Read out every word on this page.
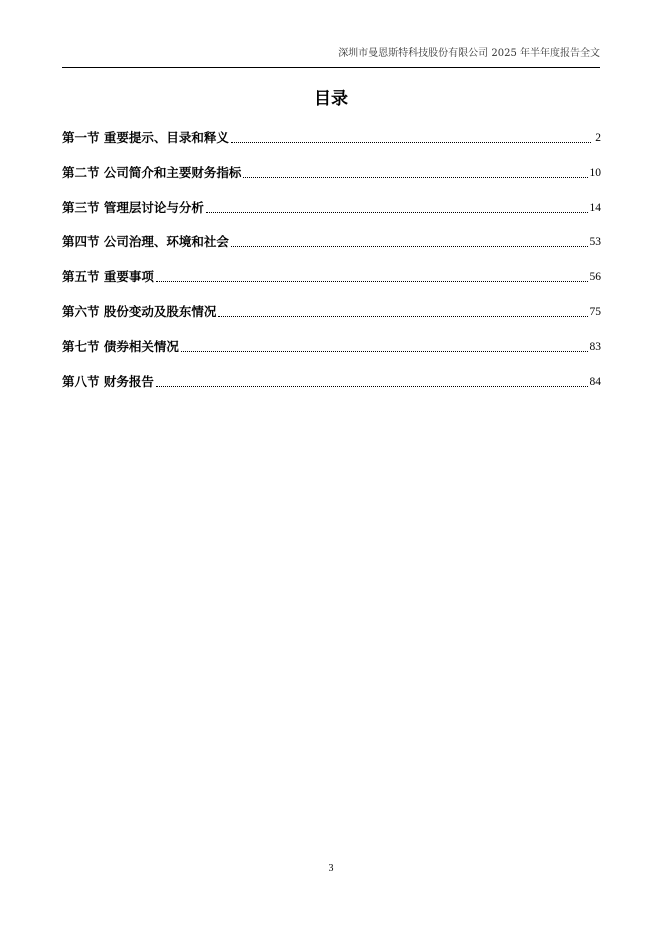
深圳市曼恩斯特科技股份有限公司 2025 年半年度报告全文
目录
第一节 重要提示、目录和释义	2
第二节 公司简介和主要财务指标	10
第三节 管理层讨论与分析	14
第四节 公司治理、环境和社会	53
第五节 重要事项	56
第六节 股份变动及股东情况	75
第七节 债券相关情况	83
第八节 财务报告	84
3
